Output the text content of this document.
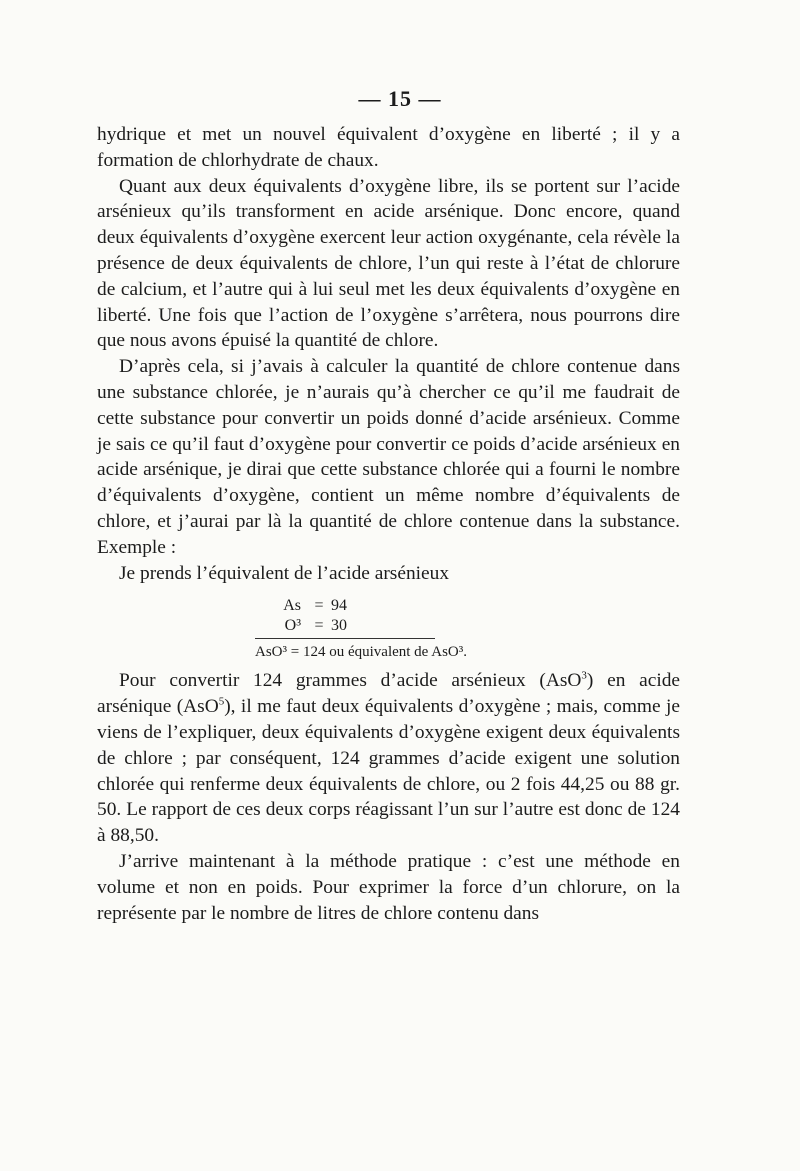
— 15 —

hydrique et met un nouvel équivalent d’oxygène en liberté ; il y a formation de chlorhydrate de chaux.

Quant aux deux équivalents d’oxygène libre, ils se portent sur l’acide arsénieux qu’ils transforment en acide arsénique. Donc encore, quand deux équivalents d’oxygène exercent leur action oxygénante, cela révèle la présence de deux équivalents de chlore, l’un qui reste à l’état de chlorure de calcium, et l’autre qui à lui seul met les deux équivalents d’oxygène en liberté. Une fois que l’action de l’oxygène s’arrêtera, nous pourrons dire que nous avons épuisé la quantité de chlore.

D’après cela, si j’avais à calculer la quantité de chlore contenue dans une substance chlorée, je n’aurais qu’à chercher ce qu’il me faudrait de cette substance pour convertir un poids donné d’acide arsénieux. Comme je sais ce qu’il faut d’oxygène pour convertir ce poids d’acide arsénieux en acide arsénique, je dirai que cette substance chlorée qui a fourni le nombre d’équivalents d’oxygène, contient un même nombre d’équivalents de chlore, et j’aurai par là la quantité de chlore contenue dans la substance. Exemple :

Je prends l’équivalent de l’acide arsénieux

As = 94
O³ = 30
AsO³ = 124 ou équivalent de AsO³.

Pour convertir 124 grammes d’acide arsénieux (AsO$^3$) en acide arsénique (AsO$^5$), il me faut deux équivalents d’oxygène ; mais, comme je viens de l’expliquer, deux équivalents d’oxygène exigent deux équivalents de chlore ; par conséquent, 124 grammes d’acide exigent une solution chlorée qui renferme deux équivalents de chlore, ou 2 fois 44,25 ou 88 gr. 50. Le rapport de ces deux corps réagissant l’un sur l’autre est donc de 124 à 88,50.

J’arrive maintenant à la méthode pratique : c’est une méthode en volume et non en poids. Pour exprimer la force d’un chlorure, on la représente par le nombre de litres de chlore contenu dans
